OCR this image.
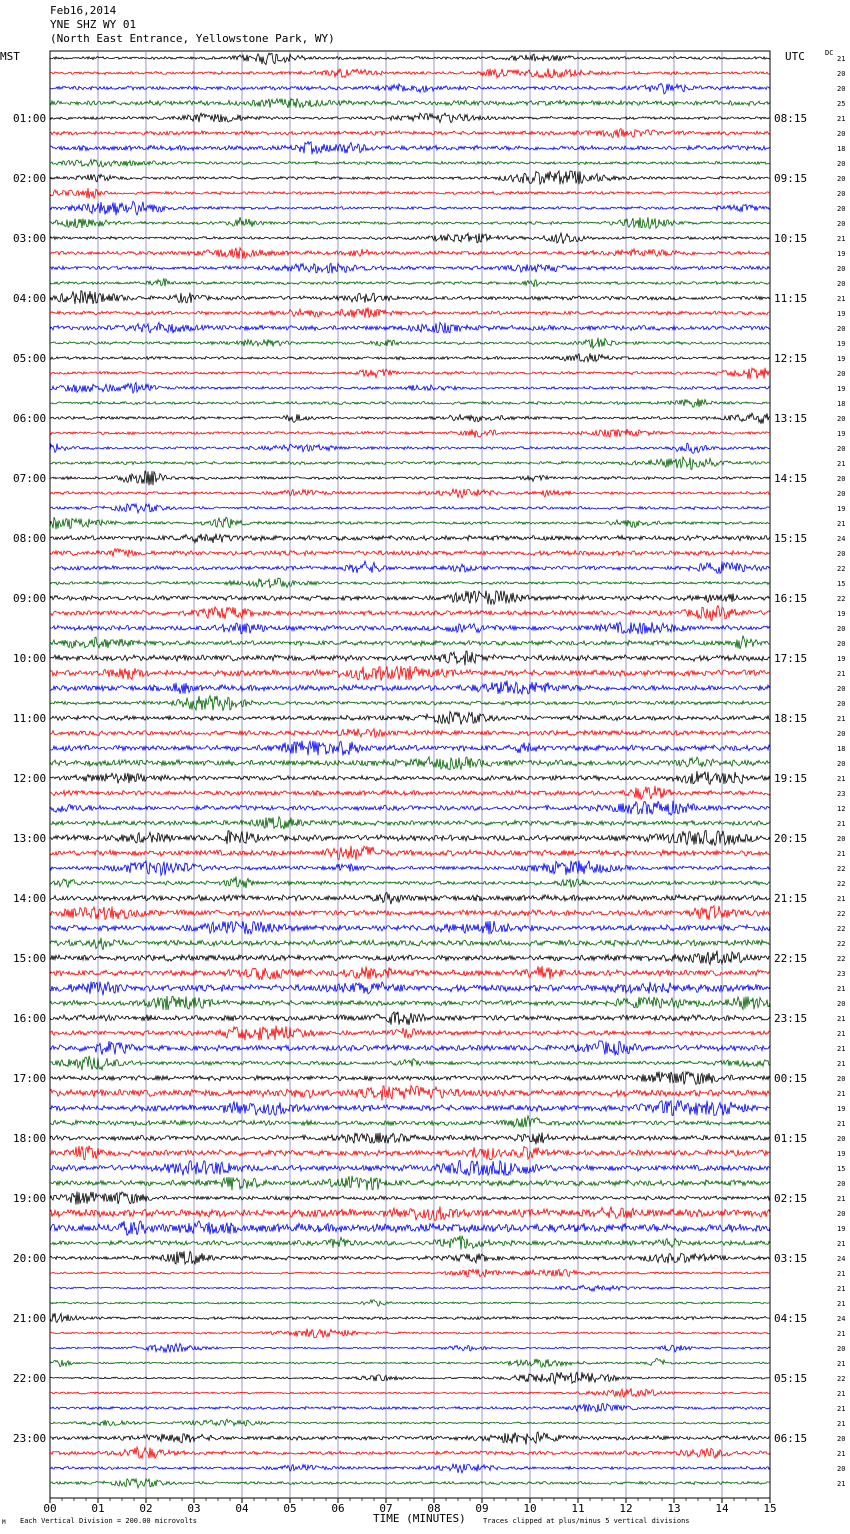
Feb16,2014
YNE SHZ WY 01
(North East Entrance, Yellowstone Park, WY)
00	01	02	03	04	05	06	07	08	09	10	11	12	13	14	15
21
20
20
25
21
20
18
20
20
20
20
20
21
19
20
20
21
19
20
19
19
20
19
18
20
19
20
21
20
20
19
21
24
20
22
15
22
19
20
20
19
21
20
20
21
20
18
20
21
23
12
21
20
21
22
22
21
22
22
22
22
23
21
20
21
21
21
21
20
21
19
21
20
19
15
20
21
20
19
21
24
21
21
21
24
21
20
21
22
21
21
21
20
21
20
21
01:00
02:00
03:00
04:00
05:00
06:00
07:00
08:00
09:00
10:00
11:00
12:00
13:00
14:00
15:00
16:00
17:00
18:00
19:00
20:00
21:00
22:00
23:00
08:15
09:15
10:15
11:15
12:15
13:15
14:15
15:15
16:15
17:15
18:15
19:15
20:15
21:15
22:15
23:15
00:15
01:15
02:15
03:15
04:15
05:15
06:15
MST	UTC	DC
TIME (MINUTES)
Each Vertical Division = 200.00 microvolts	Traces clipped at plus/minus 5 vertical divisions
M
